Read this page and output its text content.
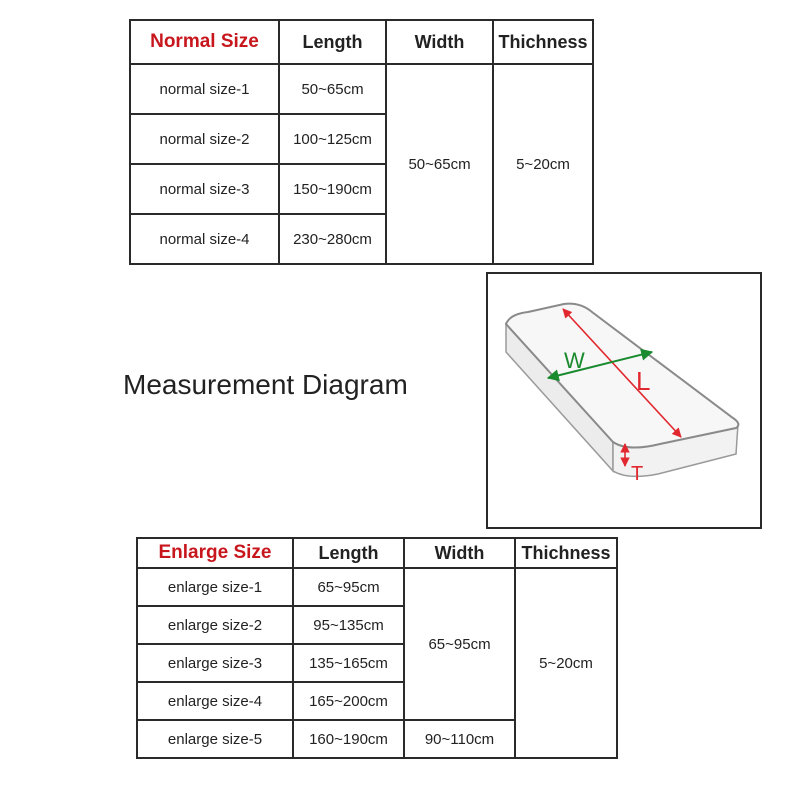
Normal Size	Length	Width	Thichness
normal size-1	50~65cm	50~65cm	5~20cm
normal size-2	100~125cm		
normal size-3	150~190cm		
normal size-4	230~280cm		
Measurement Diagram
W
L
T
Enlarge Size	Length	Width	Thichness
enlarge size-1	65~95cm	65~95cm	5~20cm
enlarge size-2	95~135cm		
enlarge size-3	135~165cm		
enlarge size-4	165~200cm		
enlarge size-5	160~190cm	90~110cm	
